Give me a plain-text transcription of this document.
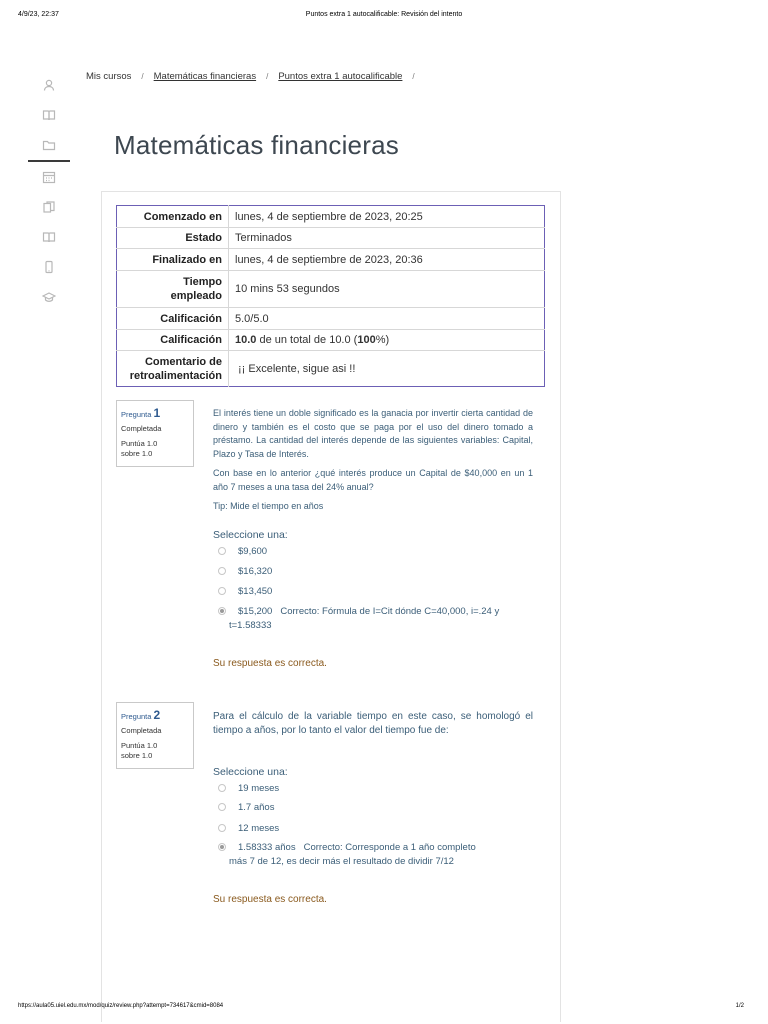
4/9/23, 22:37	Puntos extra 1 autocalificable: Revisión del intento
Mis cursos / Matemáticas financieras / Puntos extra 1 autocalificable /
Matemáticas financieras
Comenzado en	lunes, 4 de septiembre de 2023, 20:25
Estado	Terminados
Finalizado en	lunes, 4 de septiembre de 2023, 20:36
Tiempo
empleado	10 mins 53 segundos
Calificación	5.0/5.0
Calificación	10.0 de un total de 10.0 (100%)
Comentario de
retroalimentación	¡¡ Excelente, sigue asi !!
Pregunta 1
Completada
Puntúa 1.0
sobre 1.0

El interés tiene un doble significado es la ganacia por invertir cierta cantidad de dinero y también es el costo que se paga por el uso del dinero tomado a préstamo. La cantidad del interés depende de las siguientes variables: Capital, Plazo y Tasa de Interés.

Con base en lo anterior ¿qué interés produce un Capital de $40,000 en un 1 año 7 meses a una tasa del 24% anual?

Tip: Mide el tiempo en años

Seleccione una:
$9,600
$16,320
$13,450
$15,200 Correcto: Fórmula de I=Cit dónde C=40,000, i=.24 y
t=1.58333
Su respuesta es correcta.
Pregunta 2
Completada
Puntúa 1.0
sobre 1.0

Para el cálculo de la variable tiempo en este caso, se homologó el tiempo a años, por lo tanto el valor del tiempo fue de:

Seleccione una:
19 meses
1.7 años
12 meses
1.58333 años Correcto: Corresponde a 1 año completo
más 7 de 12, es decir más el resultado de dividir 7/12
Su respuesta es correcta.
https://aula05.uiel.edu.mx/mod/quiz/review.php?attempt=734617&cmid=8084	1/2
